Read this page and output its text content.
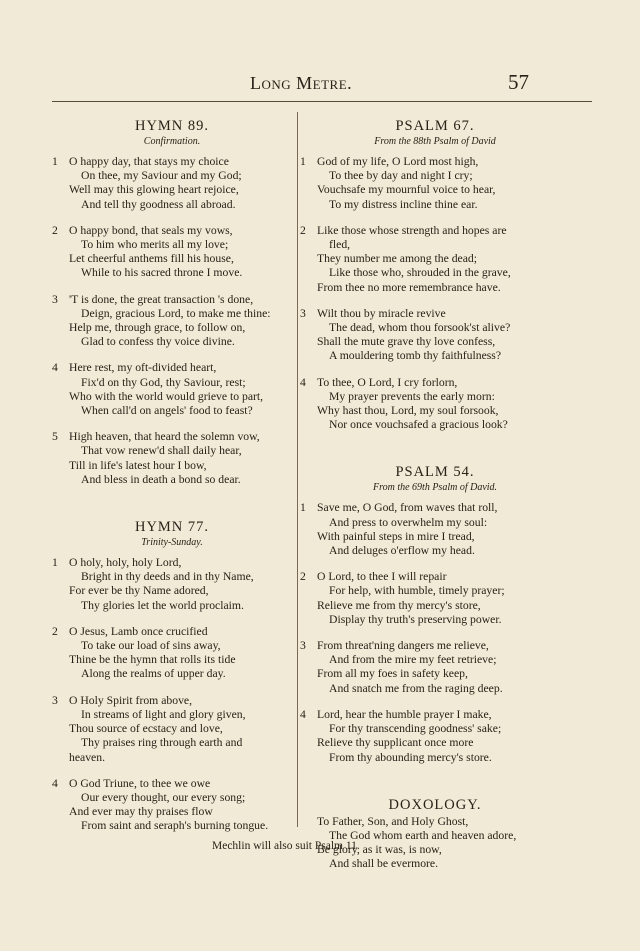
Long Metre.	57
HYMN 89.
Confirmation.
1 O happy day, that stays my choice
On thee, my Saviour and my God;
Well may this glowing heart rejoice,
And tell thy goodness all abroad.
2 O happy bond, that seals my vows,
To him who merits all my love;
Let cheerful anthems fill his house,
While to his sacred throne I move.
3 'T is done, the great transaction 's done,
Deign, gracious Lord, to make me thine:
Help me, through grace, to follow on,
Glad to confess thy voice divine.
4 Here rest, my oft-divided heart,
Fix'd on thy God, thy Saviour, rest;
Who with the world would grieve to part,
When call'd on angels' food to feast?
5 High heaven, that heard the solemn vow,
That vow renew'd shall daily hear,
Till in life's latest hour I bow,
And bless in death a bond so dear.
HYMN 77.
Trinity-Sunday.
1 O holy, holy, holy Lord,
Bright in thy deeds and in thy Name,
For ever be thy Name adored,
Thy glories let the world proclaim.
2 O Jesus, Lamb once crucified
To take our load of sins away,
Thine be the hymn that rolls its tide
Along the realms of upper day.
3 O Holy Spirit from above,
In streams of light and glory given,
Thou source of ecstacy and love,
Thy praises ring through earth and
heaven.
4 O God Triune, to thee we owe
Our every thought, our every song;
And ever may thy praises flow
From saint and seraph's burning tongue.
PSALM 67.
From the 88th Psalm of David
1 God of my life, O Lord most high,
To thee by day and night I cry;
Vouchsafe my mournful voice to hear,
To my distress incline thine ear.
2 Like those whose strength and hopes are
fled,
They number me among the dead;
Like those who, shrouded in the grave,
From thee no more remembrance have.
3 Wilt thou by miracle revive
The dead, whom thou forsook'st alive?
Shall the mute grave thy love confess,
A mouldering tomb thy faithfulness?
4 To thee, O Lord, I cry forlorn,
My prayer prevents the early morn:
Why hast thou, Lord, my soul forsook,
Nor once vouchsafed a gracious look?
PSALM 54.
From the 69th Psalm of David.
1 Save me, O God, from waves that roll,
And press to overwhelm my soul:
With painful steps in mire I tread,
And deluges o'erflow my head.
2 O Lord, to thee I will repair
For help, with humble, timely prayer;
Relieve me from thy mercy's store,
Display thy truth's preserving power.
3 From threat'ning dangers me relieve,
And from the mire my feet retrieve;
From all my foes in safety keep,
And snatch me from the raging deep.
4 Lord, hear the humble prayer I make,
For thy transcending goodness' sake;
Relieve thy supplicant once more
From thy abounding mercy's store.
DOXOLOGY.
To Father, Son, and Holy Ghost,
The God whom earth and heaven adore,
Be glory, as it was, is now,
And shall be evermore.
Mechlin will also suit Psalm 11.
